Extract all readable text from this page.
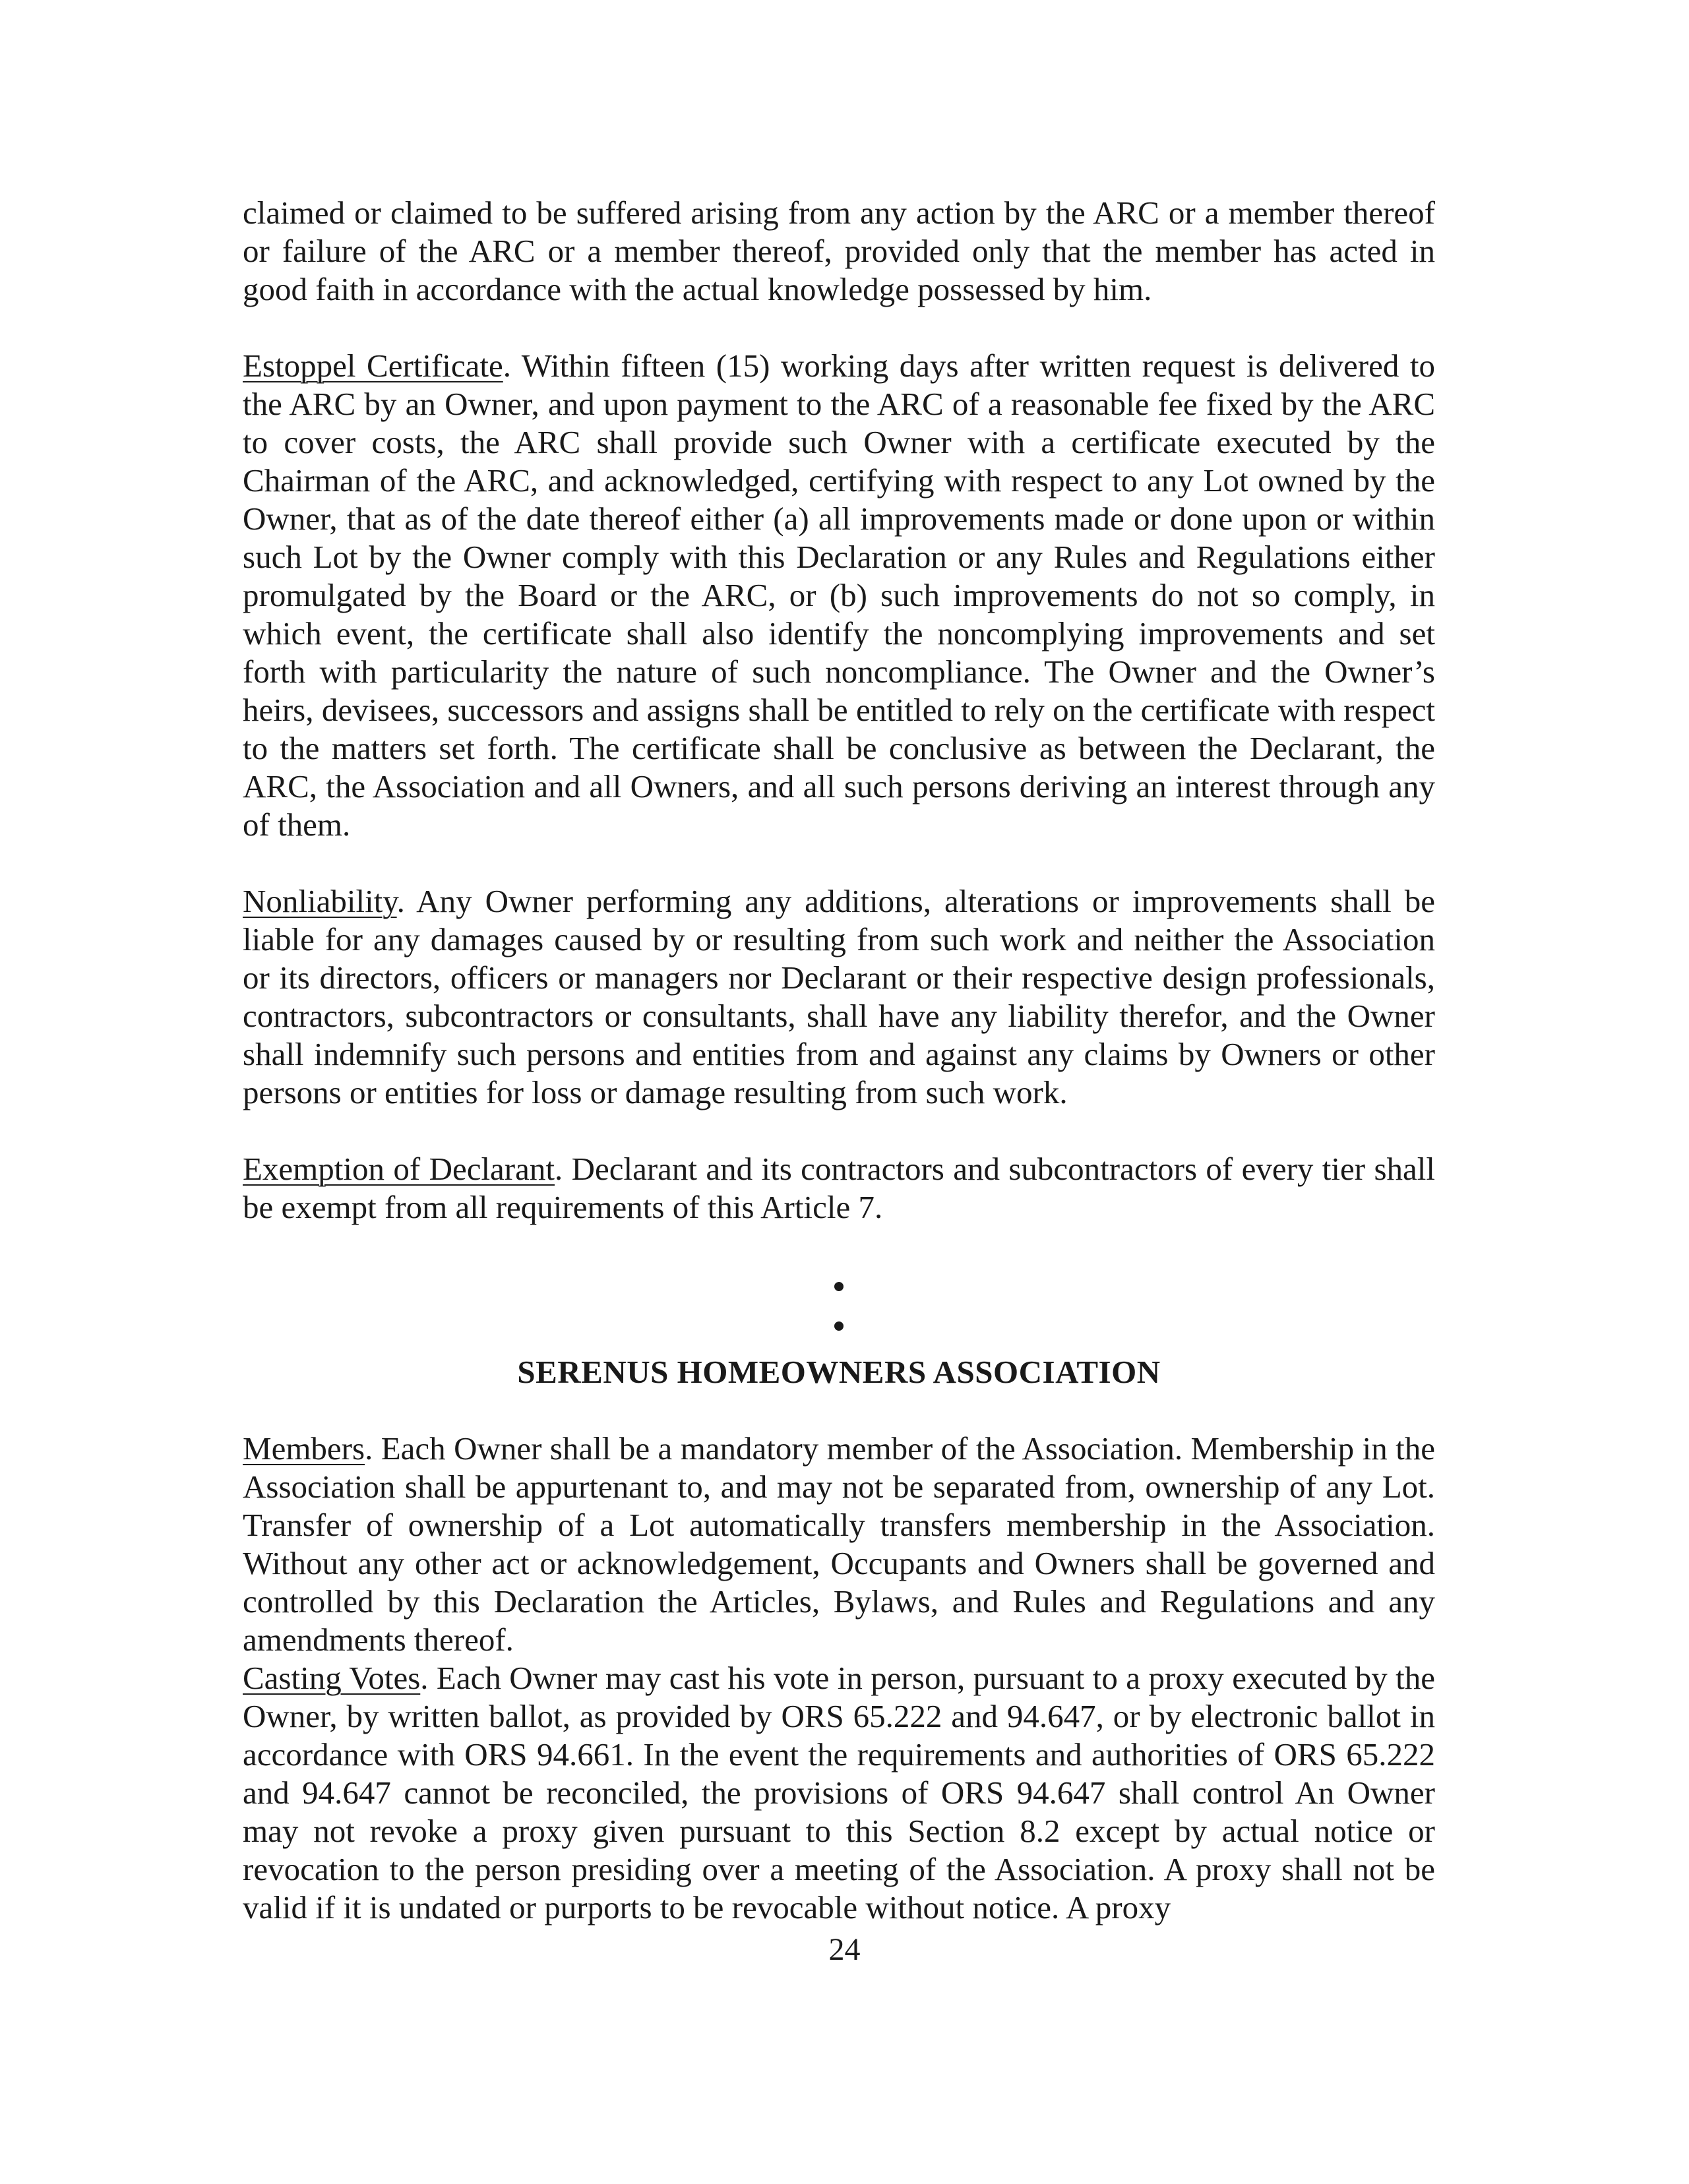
claimed or claimed to be suffered arising from any action by the ARC or a member thereof or failure of the ARC or a member thereof, provided only that the member has acted in good faith in accordance with the actual knowledge possessed by him.

Estoppel Certificate. Within fifteen (15) working days after written request is delivered to the ARC by an Owner, and upon payment to the ARC of a reasonable fee fixed by the ARC to cover costs, the ARC shall provide such Owner with a certificate executed by the Chairman of the ARC, and acknowledged, certifying with respect to any Lot owned by the Owner, that as of the date thereof either (a) all improvements made or done upon or within such Lot by the Owner comply with this Declaration or any Rules and Regulations either promulgated by the Board or the ARC, or (b) such improvements do not so comply, in which event, the certificate shall also identify the noncomplying improvements and set forth with particularity the nature of such noncompliance. The Owner and the Owner’s heirs, devisees, successors and assigns shall be entitled to rely on the certificate with respect to the matters set forth. The certificate shall be conclusive as between the Declarant, the ARC, the Association and all Owners, and all such persons deriving an interest through any of them.

Nonliability. Any Owner performing any additions, alterations or improvements shall be liable for any damages caused by or resulting from such work and neither the Association or its directors, officers or managers nor Declarant or their respective design professionals, contractors, subcontractors or consultants, shall have any liability therefor, and the Owner shall indemnify such persons and entities from and against any claims by Owners or other persons or entities for loss or damage resulting from such work.

Exemption of Declarant. Declarant and its contractors and subcontractors of every tier shall be exempt from all requirements of this Article 7.

SERENUS HOMEOWNERS ASSOCIATION

Members. Each Owner shall be a mandatory member of the Association. Membership in the Association shall be appurtenant to, and may not be separated from, ownership of any Lot. Transfer of ownership of a Lot automatically transfers membership in the Association. Without any other act or acknowledgement, Occupants and Owners shall be governed and controlled by this Declaration the Articles, Bylaws, and Rules and Regulations and any amendments thereof.

Casting Votes. Each Owner may cast his vote in person, pursuant to a proxy executed by the Owner, by written ballot, as provided by ORS 65.222 and 94.647, or by electronic ballot in accordance with ORS 94.661. In the event the requirements and authorities of ORS 65.222 and 94.647 cannot be reconciled, the provisions of ORS 94.647 shall control An Owner may not revoke a proxy given pursuant to this Section 8.2 except by actual notice or revocation to the person presiding over a meeting of the Association. A proxy shall not be valid if it is undated or purports to be revocable without notice. A proxy

24
